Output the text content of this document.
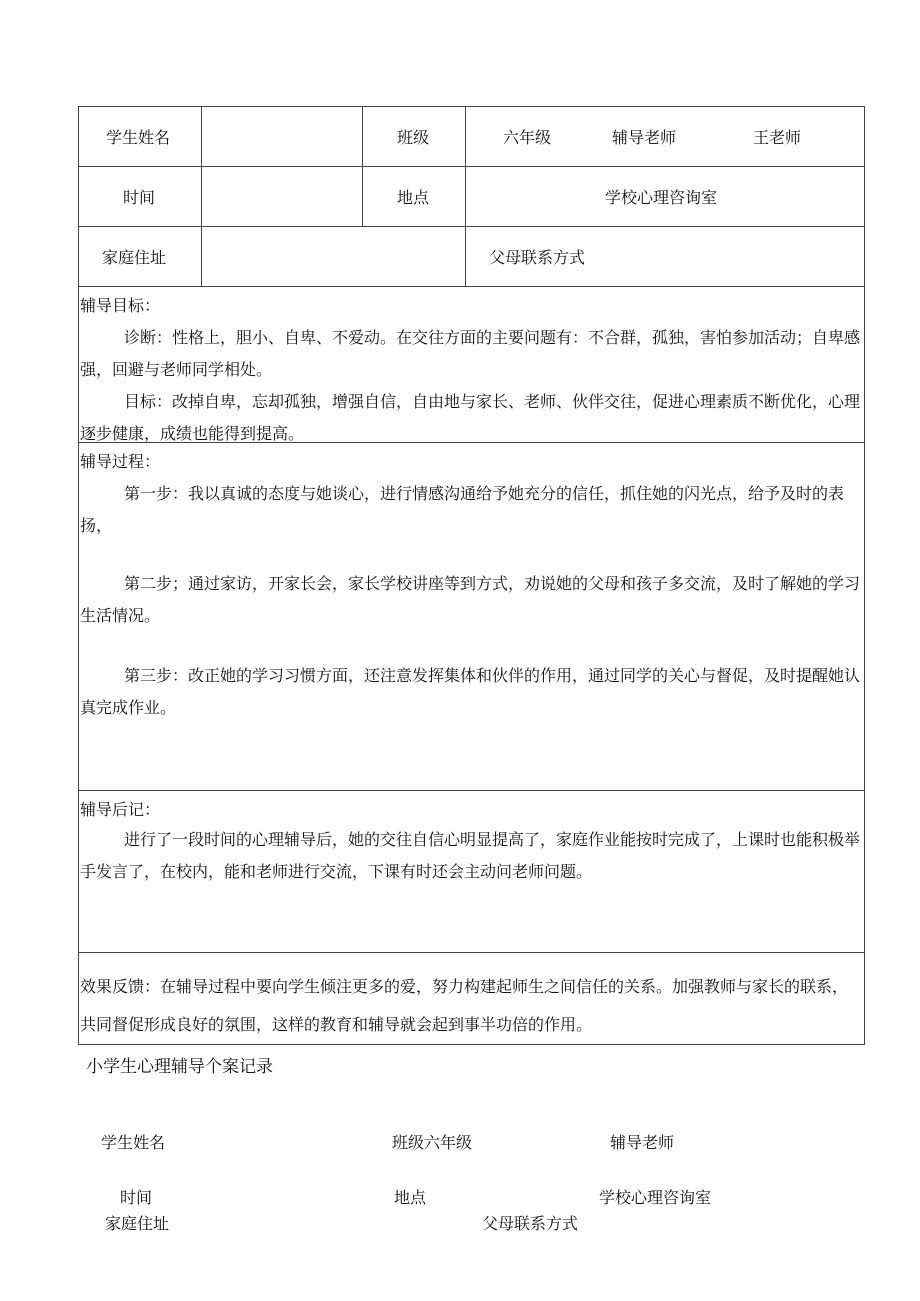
学生姓名	班级	六年级	辅导老师	王老师
时间	地点	学校心理咨询室
家庭住址	父母联系方式
辅导目标：
诊断：性格上，胆小、自卑、不爱动。在交往方面的主要问题有：不合群，孤独，害怕参加活动；自卑感强，回避与老师同学相处。
目标：改掉自卑，忘却孤独，增强自信，自由地与家长、老师、伙伴交往，促进心理素质不断优化，心理逐步健康，成绩也能得到提高。
辅导过程：
第一步：我以真诚的态度与她谈心，进行情感沟通给予她充分的信任，抓住她的闪光点，给予及时的表扬，
第二步；通过家访，开家长会，家长学校讲座等到方式，劝说她的父母和孩子多交流，及时了解她的学习生活情况。
第三步：改正她的学习习惯方面，还注意发挥集体和伙伴的作用，通过同学的关心与督促，及时提醒她认真完成作业。
辅导后记：
进行了一段时间的心理辅导后，她的交往自信心明显提高了，家庭作业能按时完成了，上课时也能积极举手发言了，在校内，能和老师进行交流，下课有时还会主动问老师问题。
效果反馈：在辅导过程中要向学生倾注更多的爱，努力构建起师生之间信任的关系。加强教师与家长的联系，共同督促形成良好的氛围，这样的教育和辅导就会起到事半功倍的作用。
小学生心理辅导个案记录
学生姓名	班级六年级	辅导老师
时间	地点	学校心理咨询室
家庭住址	父母联系方式
